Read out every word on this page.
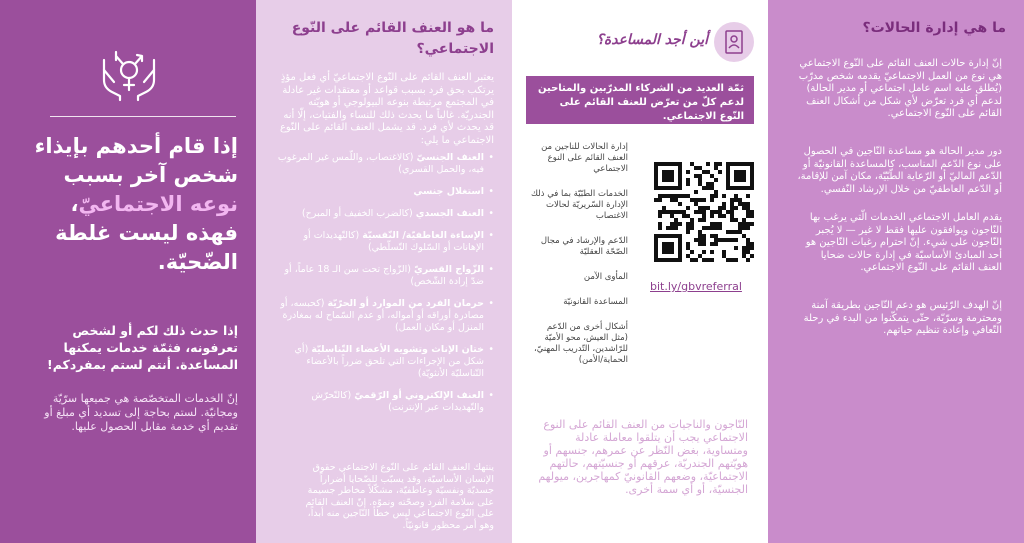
إذا قام أحدهم بإيذاء شخص آخر بسبب نوعه الاجتماعيّ، فهذه ليست غلطة الضّحيّة.

إذا حدث ذلك لكم أو لشخص تعرفونه، فثمّة خدمات يمكنها المساعدة. أنتم لستم بمفردكم!

إنّ الخدمات المتخصّصة هي جميعها سرّيّة ومجانيّة. لستم بحاجة إلى تسديد أي مبلغ أو تقديم أي خدمة مقابل الحصول عليها.

ما هو العنف القائم على النّوع الاجتماعي؟

يعتبر العنف القائم على النّوع الاجتماعيّ أي فعل مؤذٍ يرتكب بحق فرد بسبب قواعد أو معتقدات غير عادلة في المجتمع مرتبطة بنوعه البيولوجي أو هويّته الجندريّة. غالباً ما يحدث ذلك للنساء والفتيات، إلّا أنه قد يحدث لأي فرد. قد يشمل العنف القائم على النّوع الاجتماعي ما يلي:

• العنف الجنسيّ (كالاغتصاب، واللّمس غير المرغوب فيه، والحمل القسري)
• استغلال جنسي
• العنف الجسدي (كالضرب الخفيف أو المبرح)
• الإساءة العاطفيّة/ النّفسيّة (كالتّهديدات أو الإهانات أو السّلوك التّسلّطي)
• الزّواج القسريّ (الزّواج تحت سن الـ 18 عاماً، أو ضدّ إرادة الشّخص)
• حرمان الفرد من الموارد أو الحرّيّة (كحبسه، أو مصادرة أوراقه أو أمواله، أو عدم السّماح له بمغادرة المنزل أو مكان العمل)
• ختان الإناث وتشويه الأعضاء التّناسليّة (أي شكل من الإجراءات التي تلحق ضرراً بالأعضاء التّناسليّة الأنثويّة)
• العنف الإلكتروني أو الرّقميّ (كالتّحرّش والتّهديدات عبر الإنترنت)

ينتهك العنف القائم على النّوع الاجتماعي حقوق الإنسان الأساسيّة، وقد يسبّب للضّحايا أضراراً جسديّة ونفسيّة وعاطفيّة، مشكّلاً مخاطر جسيمة على سلامة الفرد وصحّته ونموّه. إنّ العنف القائم على النّوع الاجتماعي ليس خطأ النّاجين منه أبداً، وهو أمر محظور قانونيّاً.

أين أجد المساعدة؟
ثمّة العديد من الشركاء المدرّبين والمتاحين لدعم كلّ من تعرّض للعنف القائم على النّوع الاجتماعي.
إدارة الحالات للناجين من العنف القائم على النوع الاجتماعي
الخدمات الطبّيّة بما في ذلك الإدارة السّريريّة لحالات الاغتصاب
الدّعم والإرشاد في مجال الصّحّة العقليّة
المأوى الآمن
المساعدة القانونيّة
أشكال أخرى من الدّعم (مثل العيش، محو الأميّة للرّاشدين، التّدريب المهنيّ، الحماية/الأمن)
bit.ly/gbvreferral

النّاجون والناجيات من العنف القائم على النوع الاجتماعي يجب أن يتلقوا معاملة عادلة ومتساوية، بغض النّظر عن عمرهم، جنسهم أو هويّتهم الجندريّة، عرقهم أو جنسيّتهم، حالتهم الاجتماعيّة، وضعهم القانونيّ كمهاجرين، ميولهم الجنسيّة، أو أي سمة أخرى.

ما هي إدارة الحالات؟

إنّ إدارة حالات العنف القائم على النّوع الاجتماعي هي نوع من العمل الاجتماعيّ يقدمه شخص مدرّب (يُطلق عليه اسم عامل اجتماعي أو مدير الحالة) لدعم أي فرد تعرّض لأي شكل من أشكال العنف القائم على النّوع الاجتماعي.

دور مدير الحالة هو مساعدة النّاجين في الحصول على نوع الدّعم المناسب، كالمساعدة القانونيّة أو الدّعم الماليّ أو الرّعاية الطّبّيّة، مكان آمن للإقامة، أو الدّعم العاطفيّ من خلال الإرشاد النّفسي.

يقدم العامل الاجتماعي الخدمات الّتي يرغب بها النّاجون ويوافقون عليها فقط لا غير — لا يُجبر النّاجون على شيء. إنّ احترام رغبات النّاجين هو أحد المبادئ الأساسيّة في إدارة حالات ضحايا العنف القائم على النّوع الاجتماعي.

إنّ الهدف الرّئيس هو دعم النّاجين بطريقة آمنة ومحترمة وسرّيّة، حتّى يتمكّنوا من البدء في رحلة التّعافي وإعادة تنظيم حياتهم.
